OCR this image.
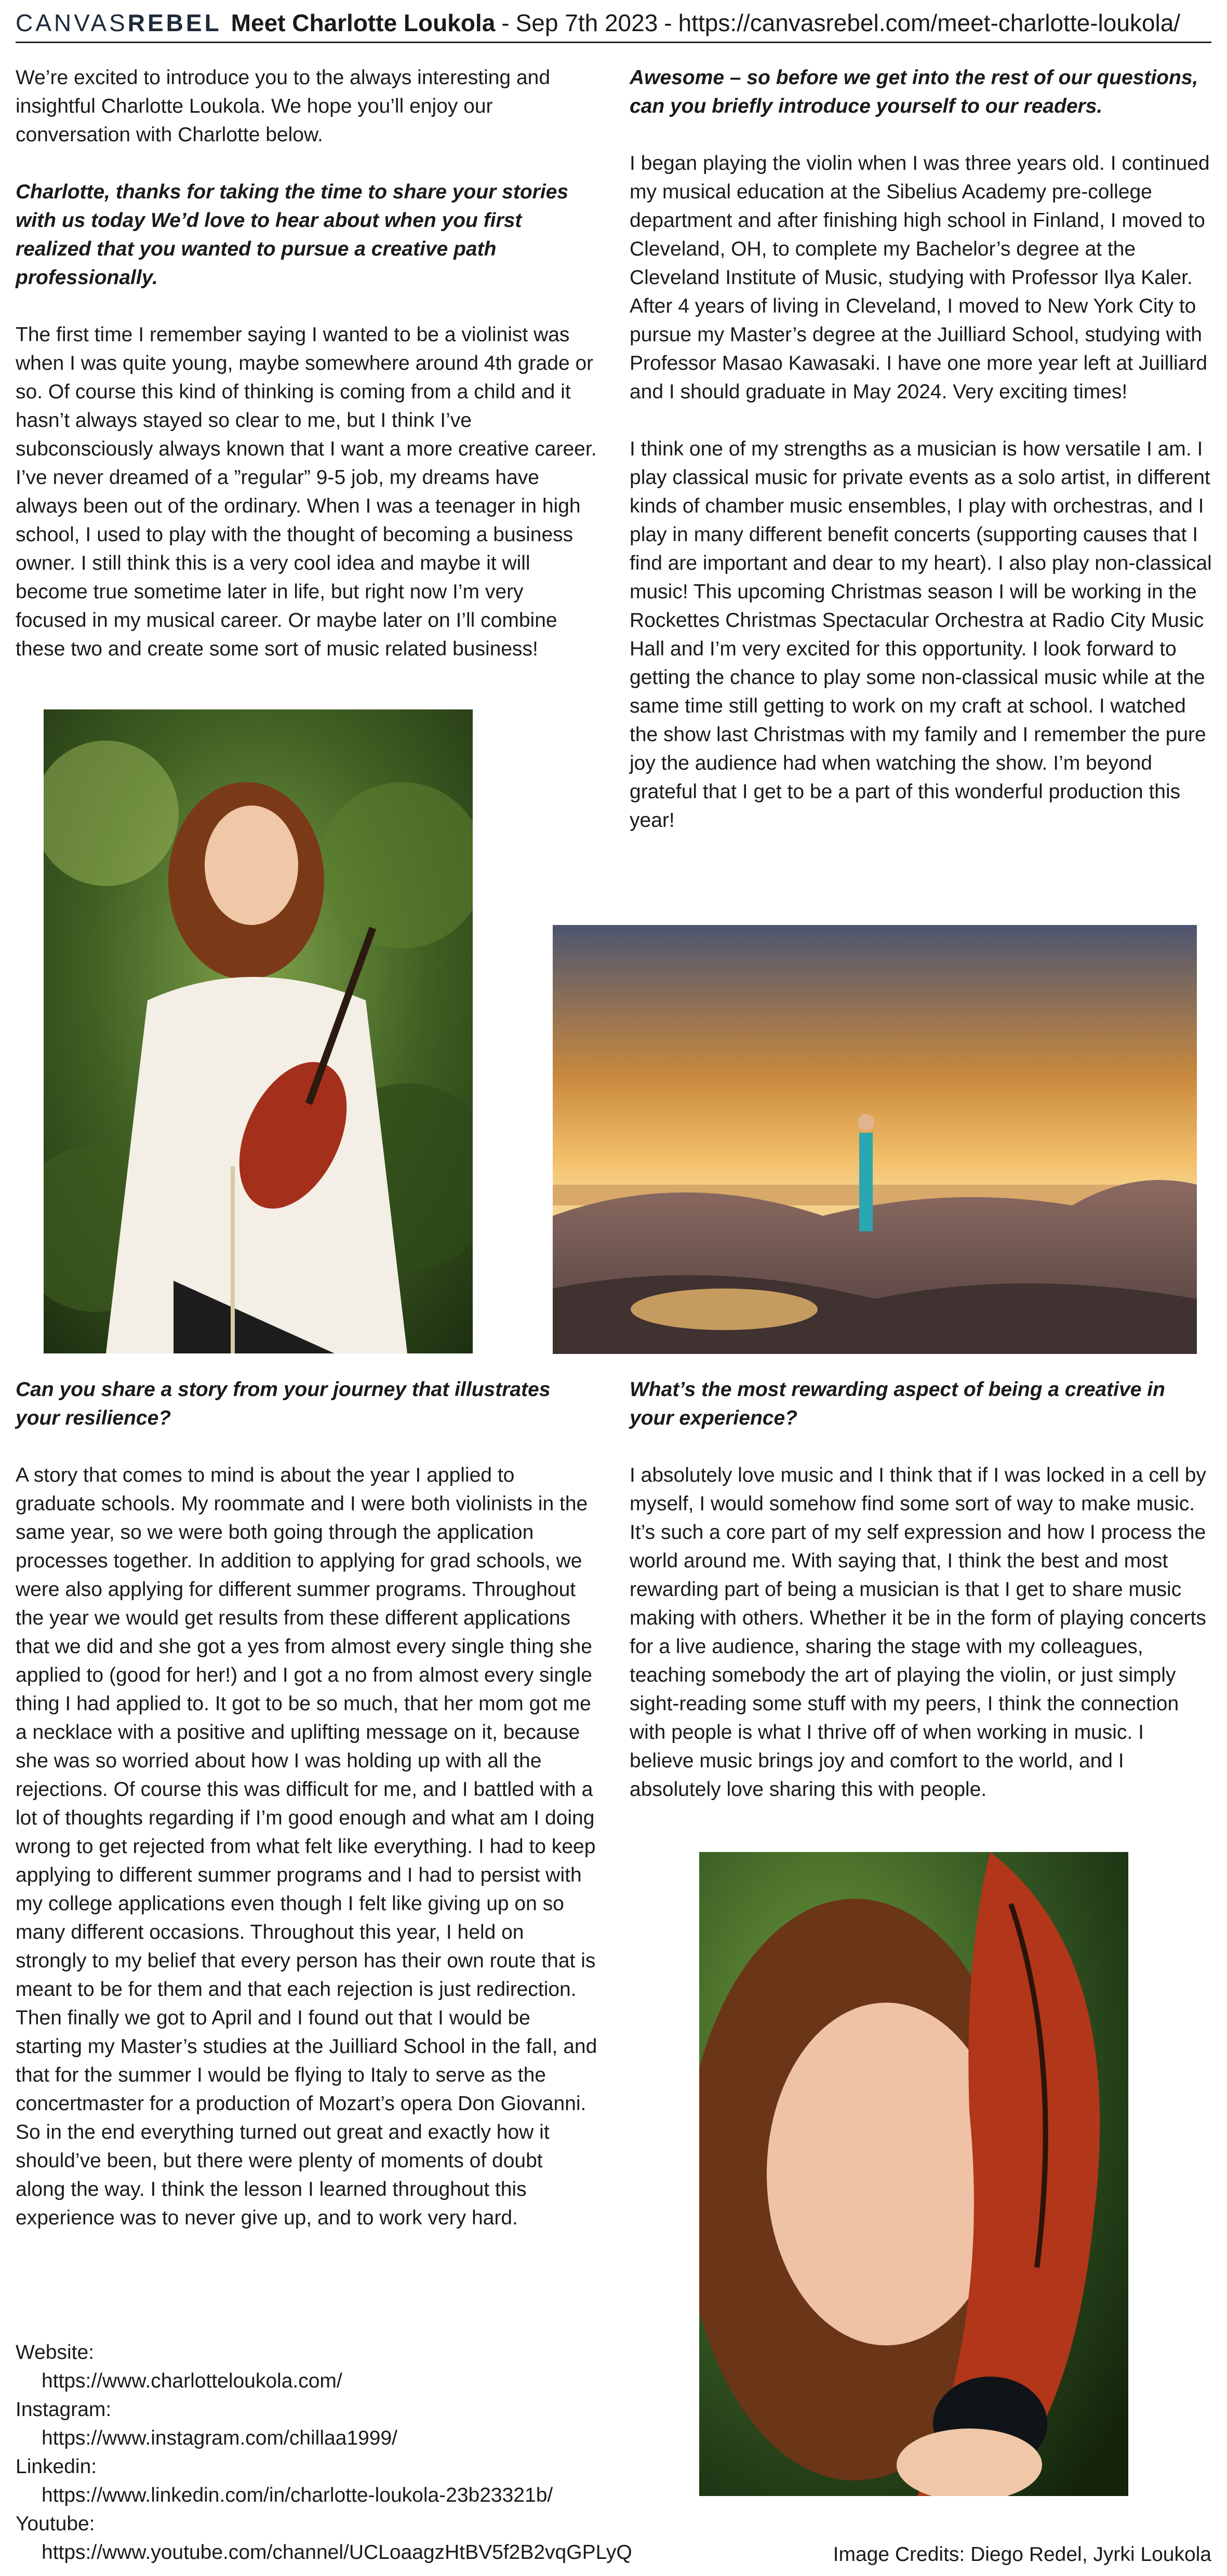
CANVAS REBEL Meet Charlotte Loukola - Sep 7th 2023 - https://canvasrebel.com/meet-charlotte-loukola/

We’re excited to introduce you to the always interesting and insightful Charlotte Loukola. We hope you’ll enjoy our conversation with Charlotte below.

Charlotte, thanks for taking the time to share your stories with us today We’d love to hear about when you first realized that you wanted to pursue a creative path professionally.

The first time I remember saying I wanted to be a violinist was when I was quite young, maybe somewhere around 4th grade or so. Of course this kind of thinking is coming from a child and it hasn’t always stayed so clear to me, but I think I’ve subconsciously always known that I want a more creative career. I’ve never dreamed of a ”regular” 9-5 job, my dreams have always been out of the ordinary. When I was a teenager in high school, I used to play with the thought of becoming a business owner. I still think this is a very cool idea and maybe it will become true sometime later in life, but right now I’m very focused in my musical career. Or maybe later on I’ll combine these two and create some sort of music related business!

Awesome – so before we get into the rest of our questions, can you briefly introduce yourself to our readers.

I began playing the violin when I was three years old. I continued my musical education at the Sibelius Academy pre-college department and after finishing high school in Finland, I moved to Cleveland, OH, to complete my Bachelor’s degree at the Cleveland Institute of Music, studying with Professor Ilya Kaler. After 4 years of living in Cleveland, I moved to New York City to pursue my Master’s degree at the Juilliard School, studying with Professor Masao Kawasaki. I have one more year left at Juilliard and I should graduate in May 2024. Very exciting times!

I think one of my strengths as a musician is how versatile I am. I play classical music for private events as a solo artist, in different kinds of chamber music ensembles, I play with orchestras, and I play in many different benefit concerts (supporting causes that I find are important and dear to my heart). I also play non-classical music! This upcoming Christmas season I will be working in the Rockettes Christmas Spectacular Orchestra at Radio City Music Hall and I’m very excited for this opportunity. I look forward to getting the chance to play some non-classical music while at the same time still getting to work on my craft at school. I watched the show last Christmas with my family and I remember the pure joy the audience had when watching the show. I’m beyond grateful that I get to be a part of this wonderful production this year!

Can you share a story from your journey that illustrates your resilience?

A story that comes to mind is about the year I applied to graduate schools. My roommate and I were both violinists in the same year, so we were both going through the application processes together. In addition to applying for grad schools, we were also applying for different summer programs. Throughout the year we would get results from these different applications that we did and she got a yes from almost every single thing she applied to (good for her!) and I got a no from almost every single thing I had applied to. It got to be so much, that her mom got me a necklace with a positive and uplifting message on it, because she was so worried about how I was holding up with all the rejections. Of course this was difficult for me, and I battled with a lot of thoughts regarding if I’m good enough and what am I doing wrong to get rejected from what felt like everything. I had to keep applying to different summer programs and I had to persist with my college applications even though I felt like giving up on so many different occasions. Throughout this year, I held on strongly to my belief that every person has their own route that is meant to be for them and that each rejection is just redirection. Then finally we got to April and I found out that I would be starting my Master’s studies at the Juilliard School in the fall, and that for the summer I would be flying to Italy to serve as the concertmaster for a production of Mozart’s opera Don Giovanni. So in the end everything turned out great and exactly how it should’ve been, but there were plenty of moments of doubt along the way. I think the lesson I learned throughout this experience was to never give up, and to work very hard.

What’s the most rewarding aspect of being a creative in your experience?

I absolutely love music and I think that if I was locked in a cell by myself, I would somehow find some sort of way to make music. It’s such a core part of my self expression and how I process the world around me. With saying that, I think the best and most rewarding part of being a musician is that I get to share music making with others. Whether it be in the form of playing concerts for a live audience, sharing the stage with my colleagues, teaching somebody the art of playing the violin, or just simply sight-reading some stuff with my peers, I think the connection with people is what I thrive off of when working in music. I believe music brings joy and comfort to the world, and I absolutely love sharing this with people.

Website:
https://www.charlotteloukola.com/
Instagram:
https://www.instagram.com/chillaa1999/
Linkedin:
https://www.linkedin.com/in/charlotte-loukola-23b23321b/
Youtube:
https://www.youtube.com/channel/UCLoaagzHtBV5f2B2vqGPLyQ	Image Credits: Diego Redel, Jyrki Loukola
